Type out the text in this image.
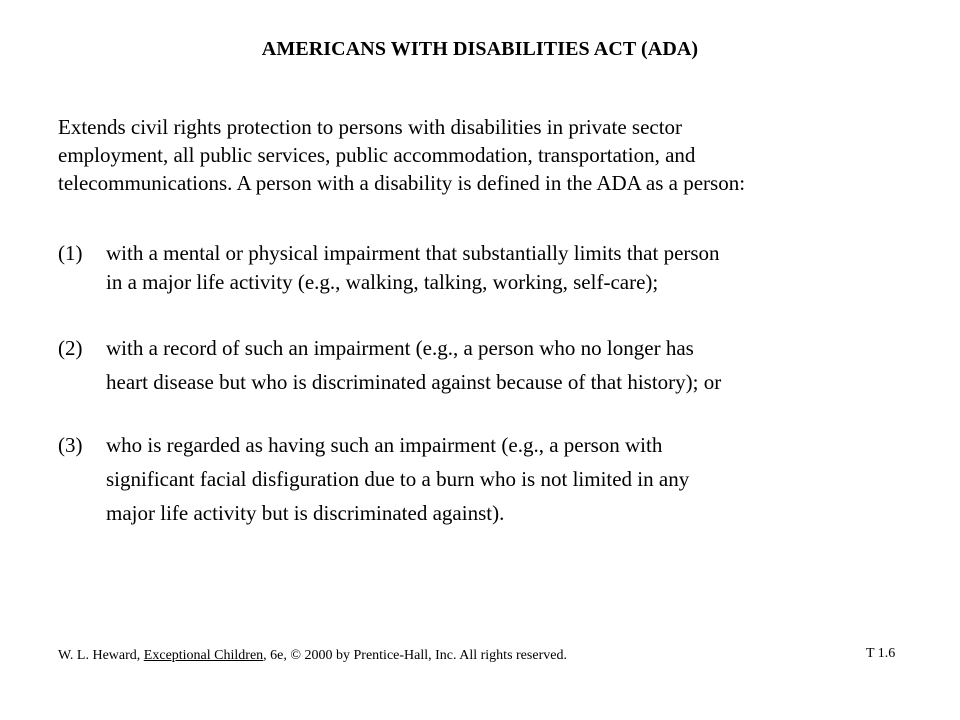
AMERICANS WITH DISABILITIES ACT (ADA)

Extends civil rights protection to persons with disabilities in private sector
employment, all public services, public accommodation, transportation, and
telecommunications. A person with a disability is defined in the ADA as a person:

(1) with a mental or physical impairment that substantially limits that person
in a major life activity (e.g., walking, talking, working, self-care);
(2) with a record of such an impairment (e.g., a person who no longer has
heart disease but who is discriminated against because of that history); or
(3) who is regarded as having such an impairment (e.g., a person with
significant facial disfiguration due to a burn who is not limited in any
major life activity but is discriminated against).
W. L. Heward, Exceptional Children, 6e, © 2000 by Prentice-Hall, Inc. All rights reserved.	T 1.6
